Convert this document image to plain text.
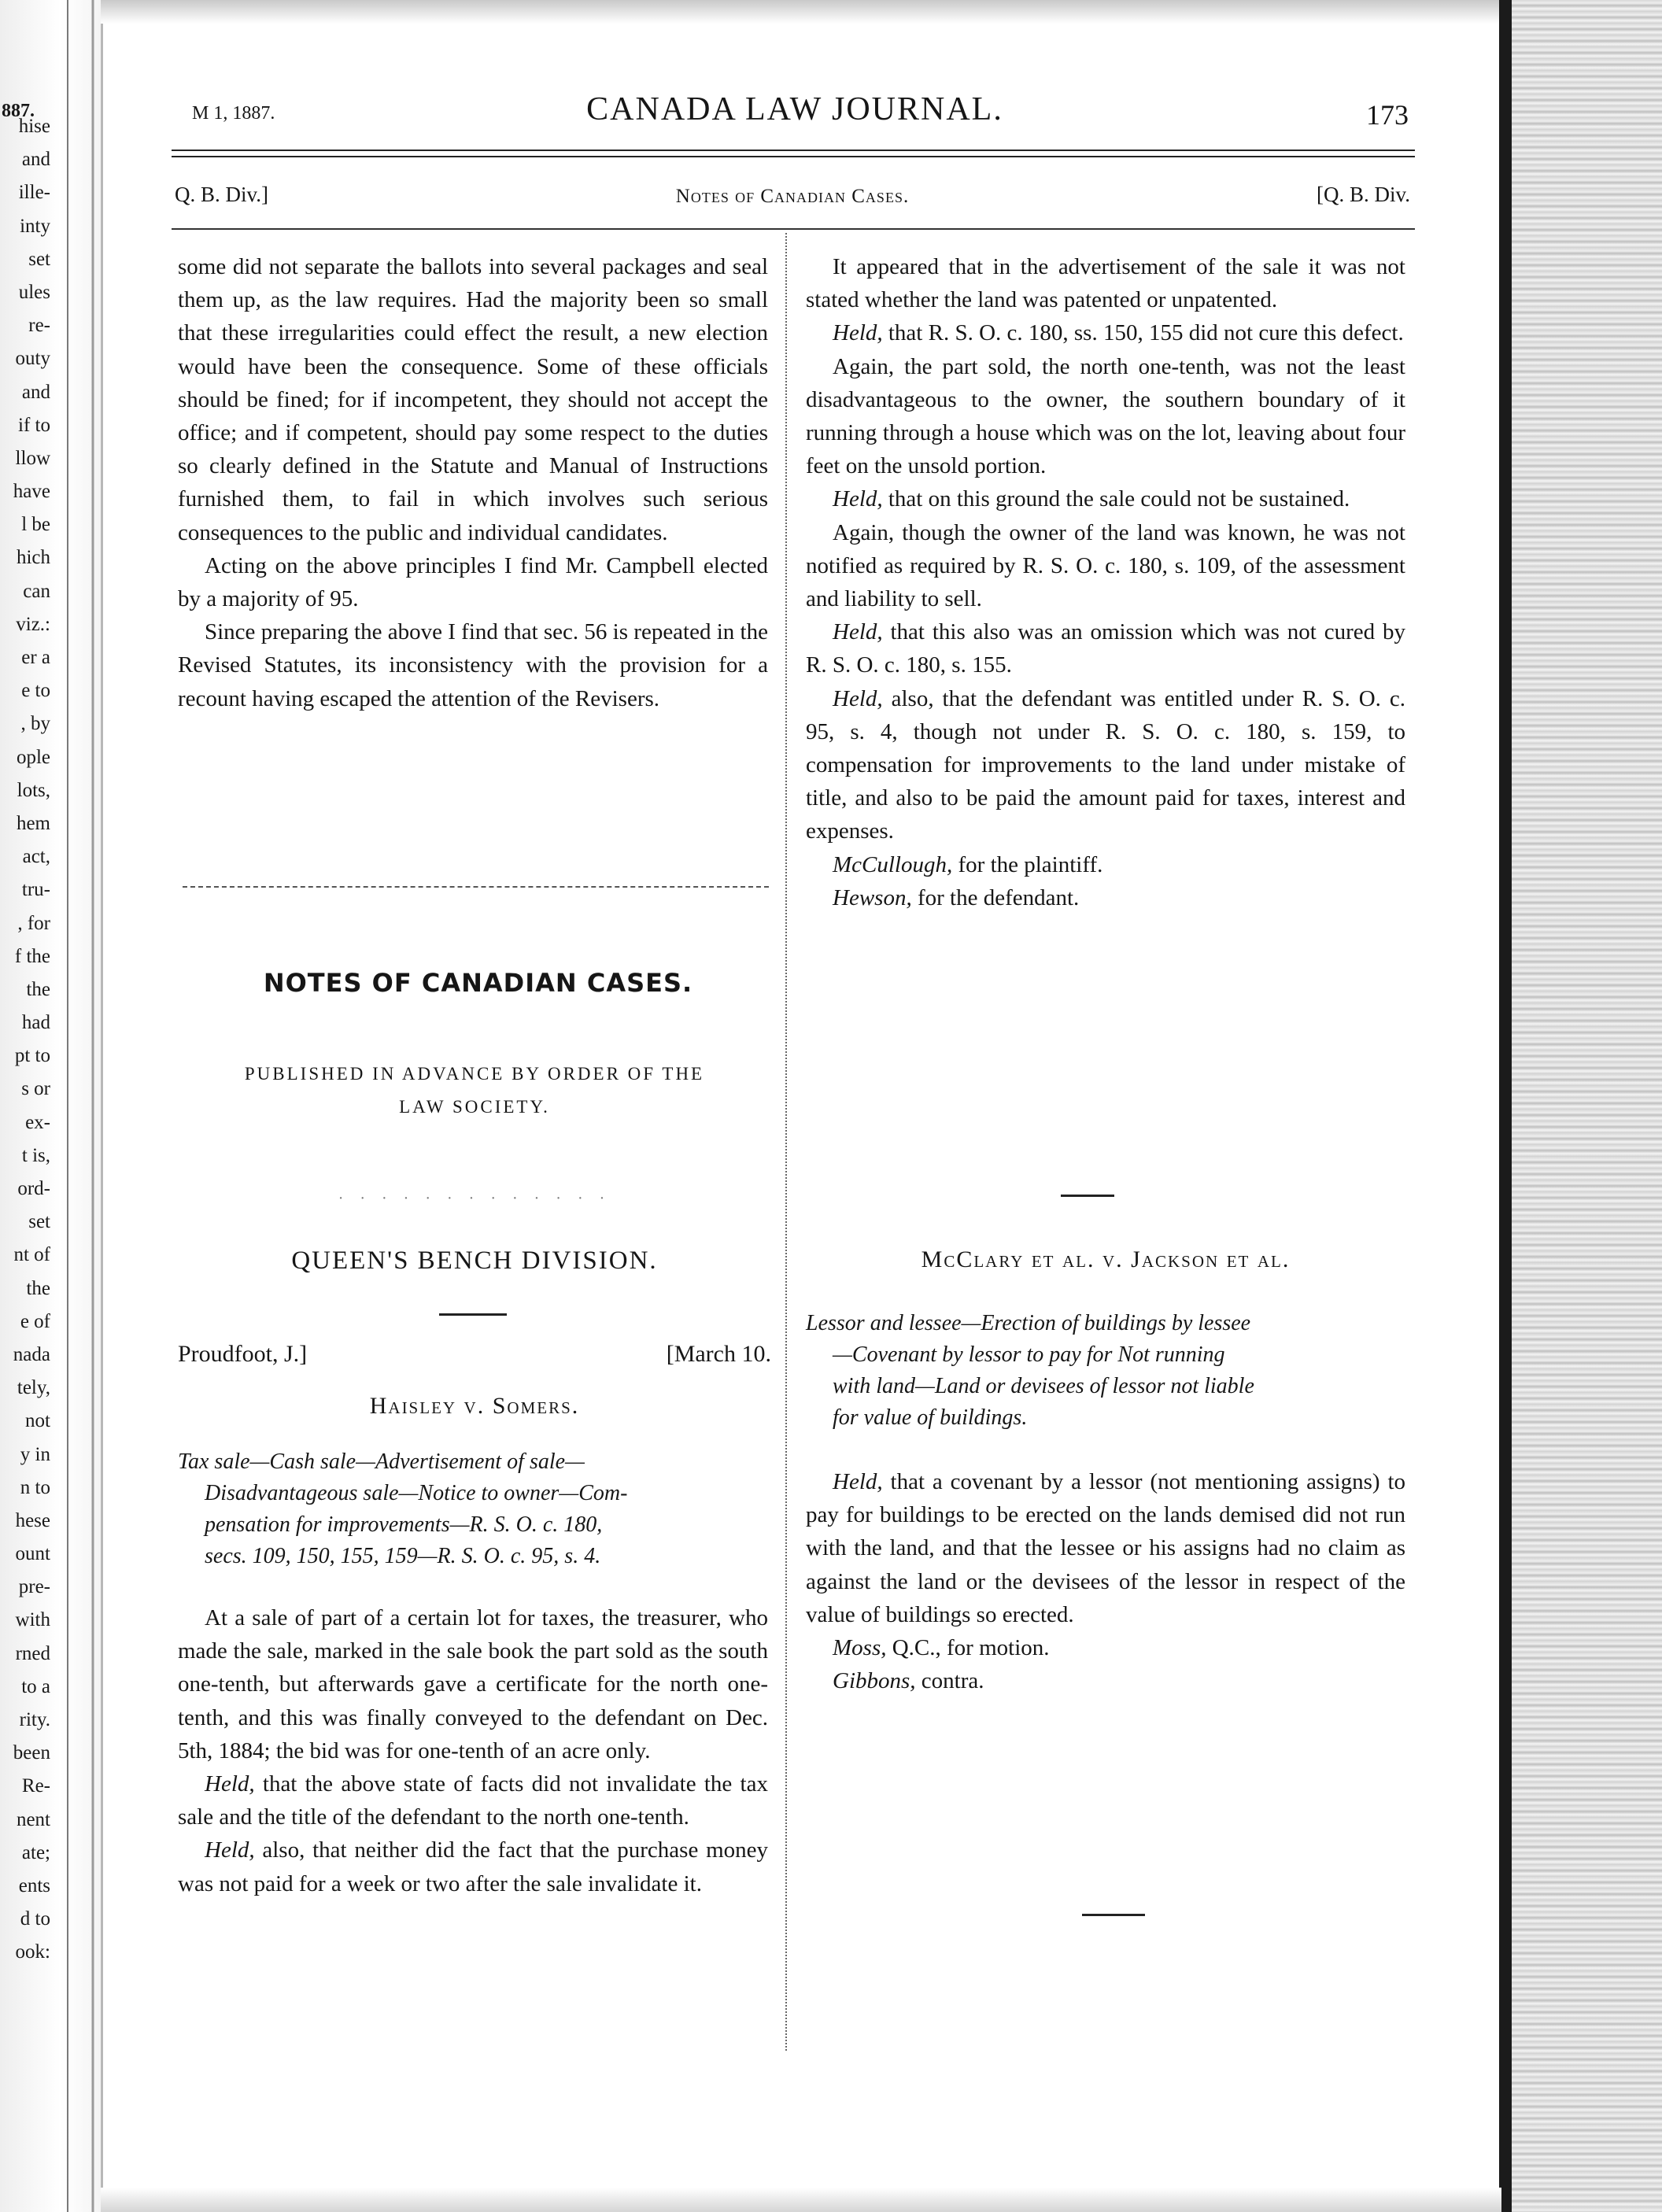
887.
hise
and
ille-
inty
set
ules
re-
outy
and
if to
llow
have
l be
hich
can
viz.:
er a
e to
, by
ople
lots,
hem
act,
tru-
, for
f the
the
had
pt to
s or
ex-
t is,
ord-
set
nt of
the
e of
nada
tely,
not
y in
n to
hese
ount
pre-
with
rned
to a
rity.
been
Re-
nent
ate;
ents
d to
ook:
M 1, 1887.	CANADA LAW JOURNAL.	173
Q. B. Div.]	Notes of Canadian Cases.	[Q. B. Div.

some did not separate the ballots into several packages and seal them up, as the law requires. Had the majority been so small that these irregularities could effect the result, a new election would have been the consequence. Some of these officials should be fined; for if incompetent, they should not accept the office; and if competent, should pay some respect to the duties so clearly defined in the Statute and Manual of Instructions furnished them, to fail in which involves such serious consequences to the public and individual candidates.

Acting on the above principles I find Mr. Campbell elected by a majority of 95.

Since preparing the above I find that sec. 56 is repeated in the Revised Statutes, its inconsistency with the provision for a recount having escaped the attention of the Revisers.

NOTES OF CANADIAN CASES.
PUBLISHED IN ADVANCE BY ORDER OF THE
LAW SOCIETY.
· · · · · · · · · · · · ·
QUEEN'S BENCH DIVISION.
Proudfoot, J.]	[March 10.
Haisley v. Somers.
Tax sale—Cash sale—Advertisement of sale—
Disadvantageous sale—Notice to owner—Com-
pensation for improvements—R. S. O. c. 180,
secs. 109, 150, 155, 159—R. S. O. c. 95, s. 4.

At a sale of part of a certain lot for taxes, the treasurer, who made the sale, marked in the sale book the part sold as the south one-tenth, but afterwards gave a certificate for the north one-tenth, and this was finally conveyed to the defendant on Dec. 5th, 1884; the bid was for one-tenth of an acre only.

Held, that the above state of facts did not invalidate the tax sale and the title of the defendant to the north one-tenth.

Held, also, that neither did the fact that the purchase money was not paid for a week or two after the sale invalidate it.

It appeared that in the advertisement of the sale it was not stated whether the land was patented or unpatented.

Held, that R. S. O. c. 180, ss. 150, 155 did not cure this defect.

Again, the part sold, the north one-tenth, was not the least disadvantageous to the owner, the southern boundary of it running through a house which was on the lot, leaving about four feet on the unsold portion.

Held, that on this ground the sale could not be sustained.

Again, though the owner of the land was known, he was not notified as required by R. S. O. c. 180, s. 109, of the assessment and liability to sell.

Held, that this also was an omission which was not cured by R. S. O. c. 180, s. 155.

Held, also, that the defendant was entitled under R. S. O. c. 95, s. 4, though not under R. S. O. c. 180, s. 159, to compensation for improvements to the land under mistake of title, and also to be paid the amount paid for taxes, interest and expenses.

McCullough, for the plaintiff.

Hewson, for the defendant.

McClary et al. v. Jackson et al.
Lessor and lessee—Erection of buildings by lessee
—Covenant by lessor to pay for Not running
with land—Land or devisees of lessor not liable
for value of buildings.

Held, that a covenant by a lessor (not mentioning assigns) to pay for buildings to be erected on the lands demised did not run with the land, and that the lessee or his assigns had no claim as against the land or the devisees of the lessor in respect of the value of buildings so erected.

Moss, Q.C., for motion.

Gibbons, contra.
